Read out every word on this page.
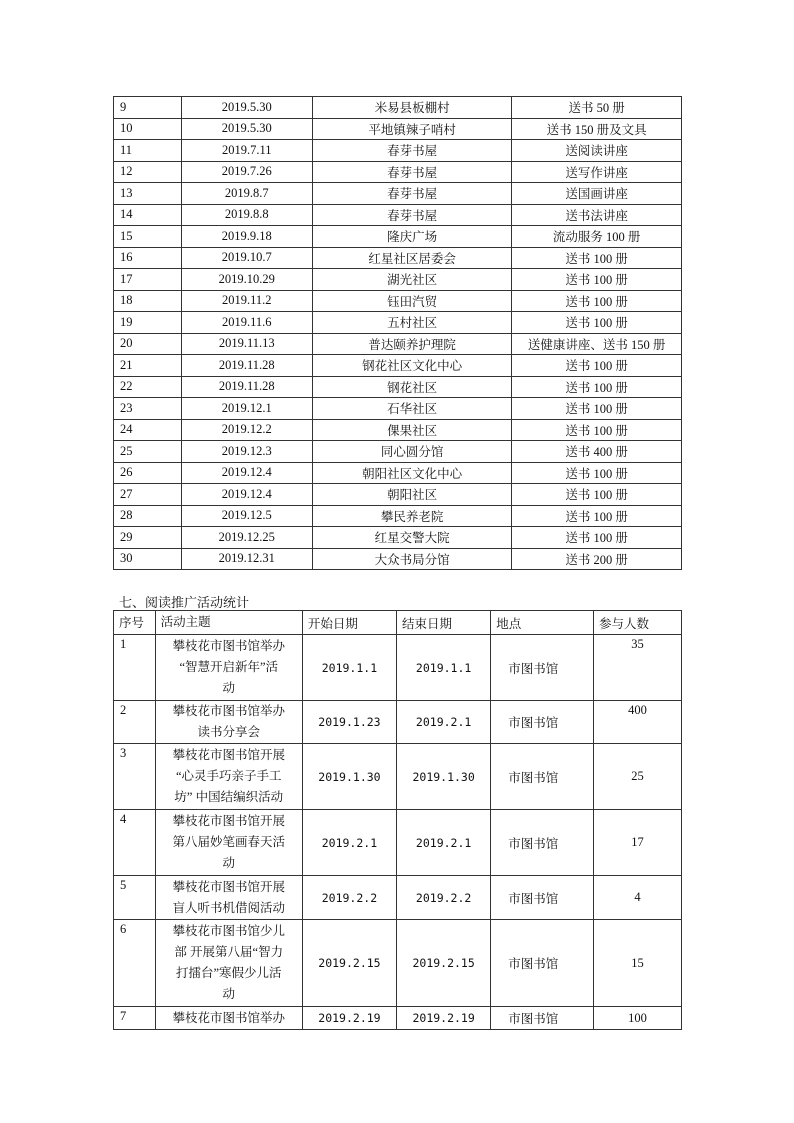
9	2019.5.30	米易县板棚村	送书 50 册
10	2019.5.30	平地镇辣子哨村	送书 150 册及文具
11	2019.7.11	春芽书屋	送阅读讲座
12	2019.7.26	春芽书屋	送写作讲座
13	2019.8.7	春芽书屋	送国画讲座
14	2019.8.8	春芽书屋	送书法讲座
15	2019.9.18	隆庆广场	流动服务 100 册
16	2019.10.7	红星社区居委会	送书 100 册
17	2019.10.29	湖光社区	送书 100 册
18	2019.11.2	钰田汽贸	送书 100 册
19	2019.11.6	五村社区	送书 100 册
20	2019.11.13	普达颐养护理院	送健康讲座、送书 150 册
21	2019.11.28	钢花社区文化中心	送书 100 册
22	2019.11.28	钢花社区	送书 100 册
23	2019.12.1	石华社区	送书 100 册
24	2019.12.2	倮果社区	送书 100 册
25	2019.12.3	同心圆分馆	送书 400 册
26	2019.12.4	朝阳社区文化中心	送书 100 册
27	2019.12.4	朝阳社区	送书 100 册
28	2019.12.5	攀民养老院	送书 100 册
29	2019.12.25	红星交警大院	送书 100 册
30	2019.12.31	大众书局分馆	送书 200 册
七、阅读推广活动统计
序号	活动主题	开始日期	结束日期	地点	参与人数
1	攀枝花市图书馆举办
“智慧开启新年”活
动	2019.1.1	2019.1.1	市图书馆	35
2	攀枝花市图书馆举办
读书分享会	2019.1.23	2019.2.1	市图书馆	400
3	攀枝花市图书馆开展
“心灵手巧亲子手工
坊” 中国结编织活动	2019.1.30	2019.1.30	市图书馆	25
4	攀枝花市图书馆开展
第八届妙笔画春天活
动	2019.2.1	2019.2.1	市图书馆	17
5	攀枝花市图书馆开展
盲人听书机借阅活动	2019.2.2	2019.2.2	市图书馆	4
6	攀枝花市图书馆少儿
部 开展第八届“智力
打擂台”寒假少儿活
动	2019.2.15	2019.2.15	市图书馆	15
7	攀枝花市图书馆举办	2019.2.19	2019.2.19	市图书馆	100
